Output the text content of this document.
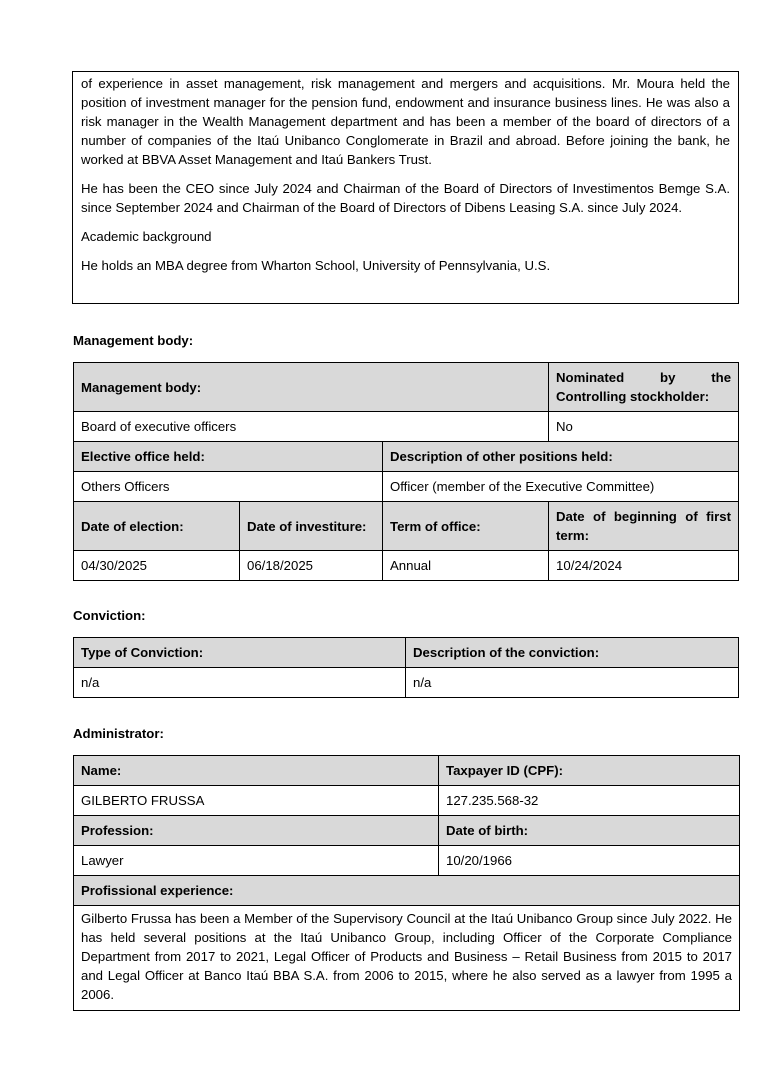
of experience in asset management, risk management and mergers and acquisitions. Mr. Moura held the position of investment manager for the pension fund, endowment and insurance business lines. He was also a risk manager in the Wealth Management department and has been a member of the board of directors of a number of companies of the Itaú Unibanco Conglomerate in Brazil and abroad. Before joining the bank, he worked at BBVA Asset Management and Itaú Bankers Trust.

He has been the CEO since July 2024 and Chairman of the Board of Directors of Investimentos Bemge S.A. since September 2024 and Chairman of the Board of Directors of Dibens Leasing S.A. since July 2024.

Academic background

He holds an MBA degree from Wharton School, University of Pennsylvania, U.S.

Management body:
Management body:			Nominated by the Controlling stockholder:
Board of executive officers			No
Elective office held:		Description of other positions held:	
Others Officers		Officer (member of the Executive Committee)	
Date of election:	Date of investiture:	Term of office:	Date of beginning of first term:
04/30/2025	06/18/2025	Annual	10/24/2024
Conviction:
Type of Conviction:	Description of the conviction:
n/a	n/a
Administrator:
Name:	Taxpayer ID (CPF):
GILBERTO FRUSSA	127.235.568-32
Profession:	Date of birth:
Lawyer	10/20/1966
Profissional experience:	
Gilberto Frussa has been a Member of the Supervisory Council at the Itaú Unibanco Group since July 2022. He has held several positions at the Itaú Unibanco Group, including Officer of the Corporate Compliance Department from 2017 to 2021, Legal Officer of Products and Business – Retail Business from 2015 to 2017 and Legal Officer at Banco Itaú BBA S.A. from 2006 to 2015, where he also served as a lawyer from 1995 a 2006.	
